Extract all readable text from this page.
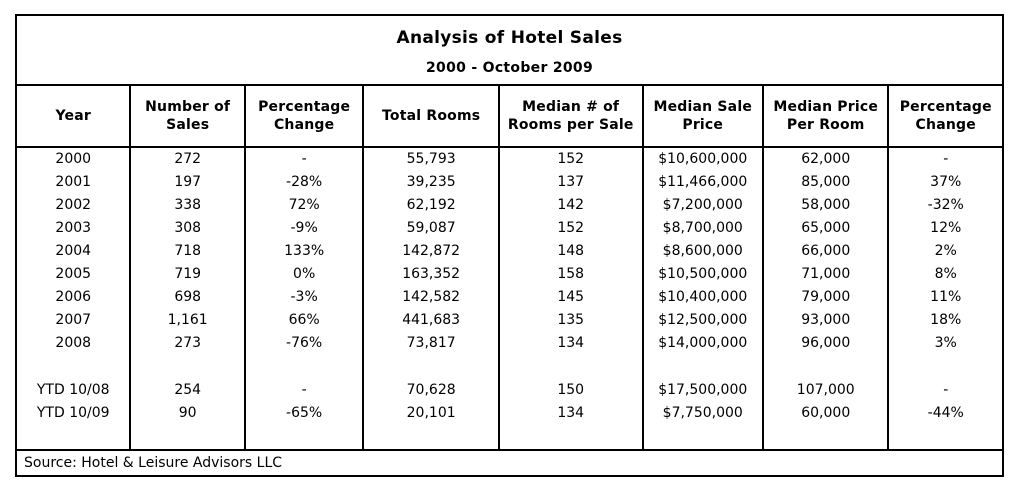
Analysis of Hotel Sales
2000 - October 2009
Year	Number of Sales	Percentage Change	Total Rooms	Median # of Rooms per Sale	Median Sale Price	Median Price Per Room	Percentage Change
2000	272	-	55,793	152	$10,600,000	62,000	-
2001	197	-28%	39,235	137	$11,466,000	85,000	37%
2002	338	72%	62,192	142	$7,200,000	58,000	-32%
2003	308	-9%	59,087	152	$8,700,000	65,000	12%
2004	718	133%	142,872	148	$8,600,000	66,000	2%
2005	719	0%	163,352	158	$10,500,000	71,000	8%
2006	698	-3%	142,582	145	$10,400,000	79,000	11%
2007	1,161	66%	441,683	135	$12,500,000	93,000	18%
2008	273	-76%	73,817	134	$14,000,000	96,000	3%

YTD 10/08	254	-	70,628	150	$17,500,000	107,000	-
YTD 10/09	90	-65%	20,101	134	$7,750,000	60,000	-44%

Source: Hotel & Leisure Advisors LLC
